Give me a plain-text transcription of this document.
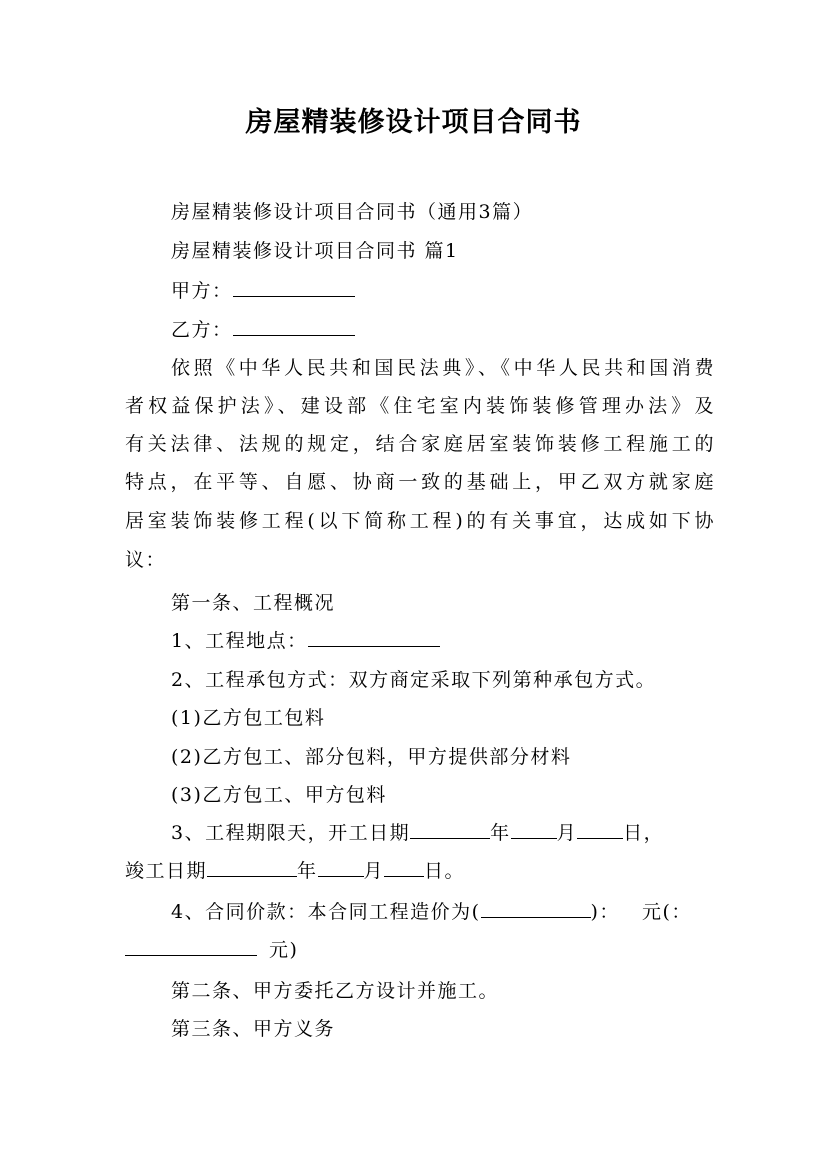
房屋精装修设计项目合同书
房屋精装修设计项目合同书（通用3篇）
房屋精装修设计项目合同书 篇1
甲方：
乙方：
依照《中华人民共和国民法典》、《中华人民共和国消费
者权益保护法》、建设部《住宅室内装饰装修管理办法》及
有关法律、法规的规定，结合家庭居室装饰装修工程施工的
特点，在平等、自愿、协商一致的基础上，甲乙双方就家庭
居室装饰装修工程(以下简称工程)的有关事宜，达成如下协
议：
第一条、工程概况
1、工程地点：
2、工程承包方式：双方商定采取下列第种承包方式。
(1)乙方包工包料
(2)乙方包工、部分包料，甲方提供部分材料
(3)乙方包工、甲方包料
3、工程期限天，开工日期	年 月 日，
竣工日期	年 月 日。
4、合同价款：本合同工程造价为(	)： 元(：
元)
第二条、甲方委托乙方设计并施工。
第三条、甲方义务
